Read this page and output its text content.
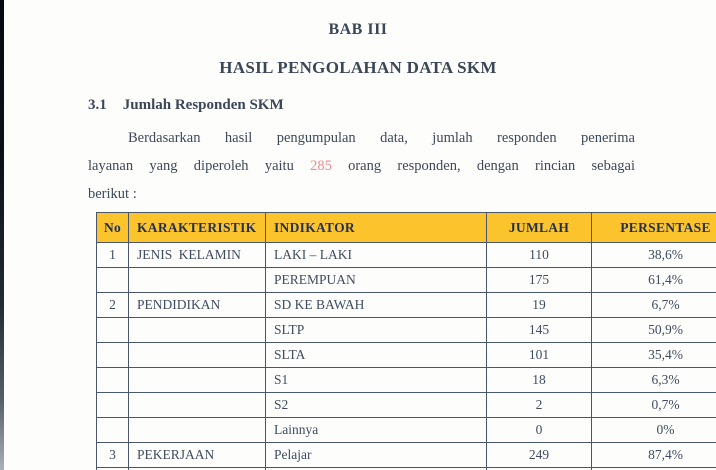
BAB III
HASIL PENGOLAHAN DATA SKM
3.1 Jumlah Responden SKM
Berdasarkan hasil pengumpulan data, jumlah responden penerima
layanan yang diperoleh yaitu 285 orang responden, dengan rincian sebagai
berikut :
No	KARAKTERISTIK	INDIKATOR	JUMLAH	PERSENTASE
1	JENIS KELAMIN	LAKI – LAKI	110	38,6%
		PEREMPUAN	175	61,4%
2	PENDIDIKAN	SD KE BAWAH	19	6,7%
		SLTP	145	50,9%
		SLTA	101	35,4%
		S1	18	6,3%
		S2	2	0,7%
		Lainnya	0	0%
3	PEKERJAAN	Pelajar	249	87,4%
